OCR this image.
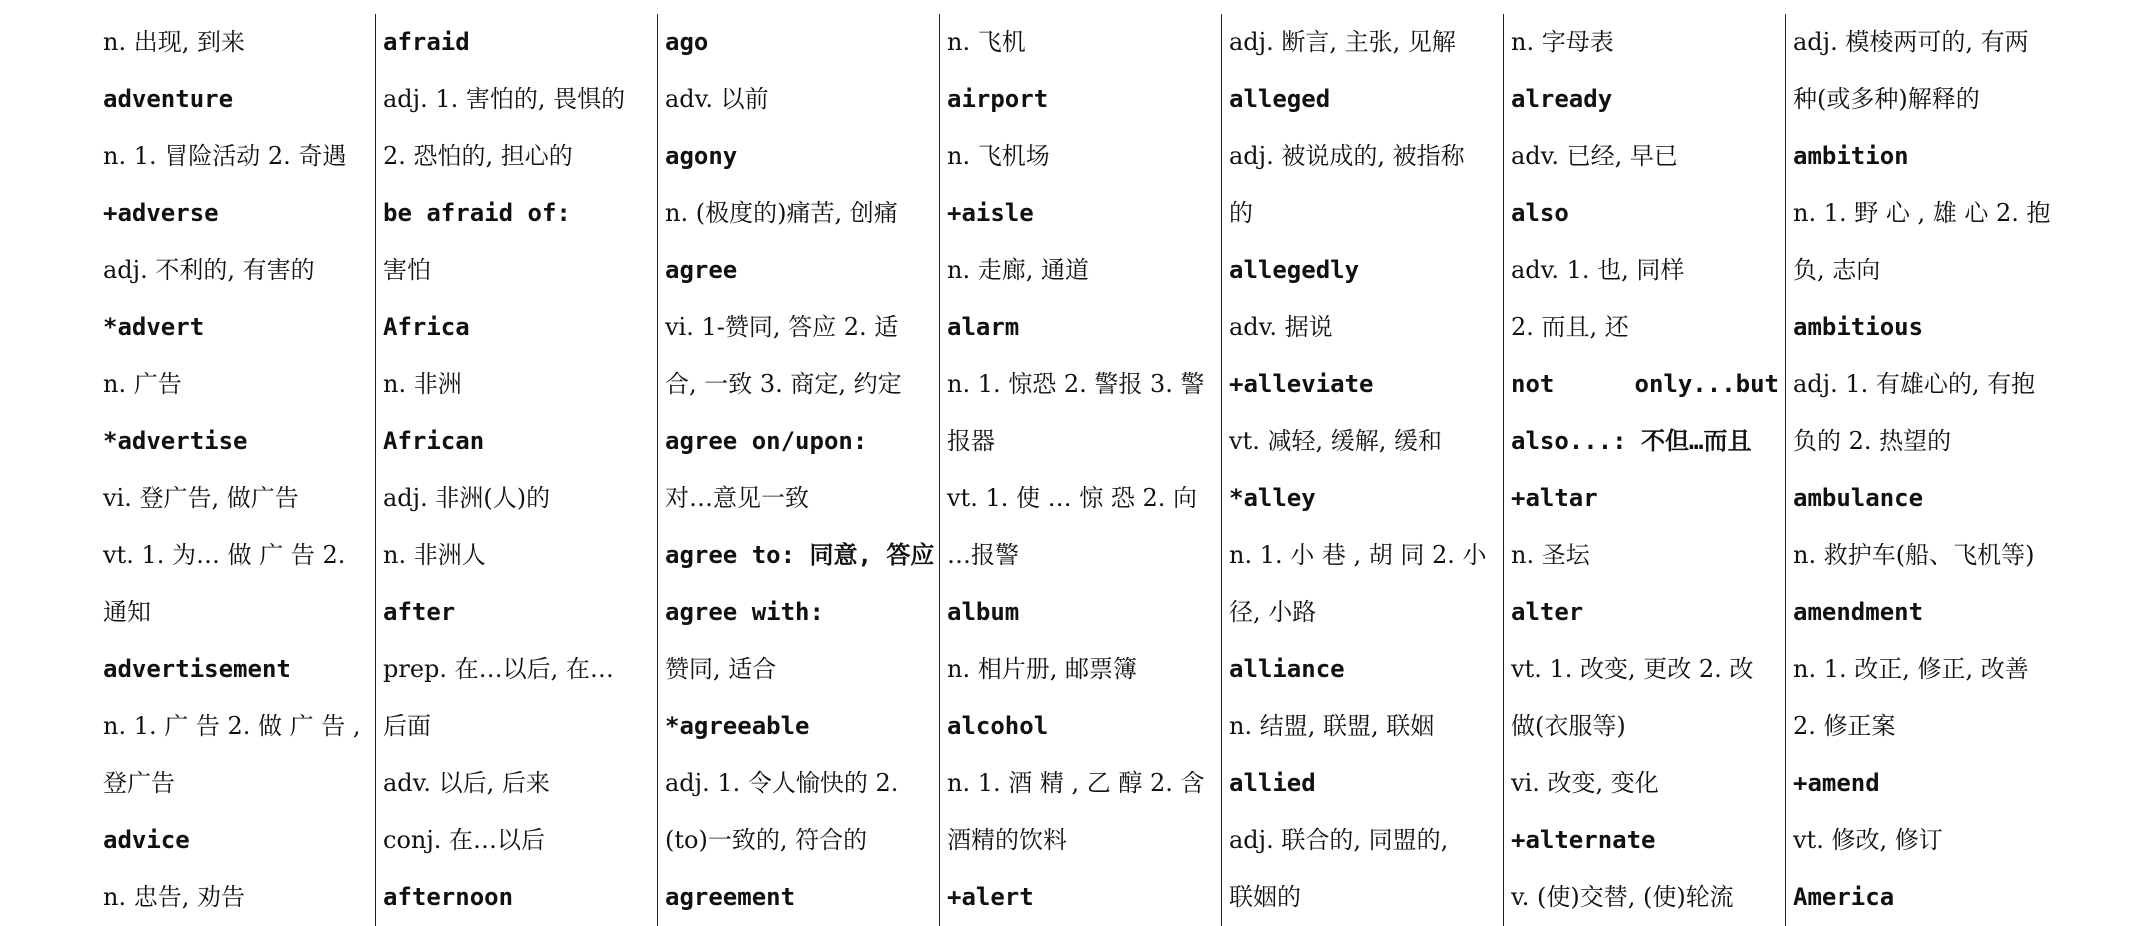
n. 出现, 到来
adventure
n. 1. 冒险活动 2. 奇遇
+adverse
adj. 不利的, 有害的
*advert
n. 广告
*advertise
vi. 登广告, 做广告
vt. 1. 为… 做 广 告 2.
通知
advertisement
n. 1. 广 告 2. 做 广 告 ,
登广告
advice
n. 忠告, 劝告
afraid
adj. 1. 害怕的, 畏惧的
2. 恐怕的, 担心的
be afraid of:
害怕
Africa
n. 非洲
African
adj. 非洲(人)的
n. 非洲人
after
prep. 在…以后, 在…
后面
adv. 以后, 后来
conj. 在…以后
afternoon
ago
adv. 以前
agony
n. (极度的)痛苦, 创痛
agree
vi. 1-赞同, 答应 2. 适
合, 一致 3. 商定, 约定
agree on/upon:
对…意见一致
agree to: 同意, 答应
agree with:
赞同, 适合
*agreeable
adj. 1. 令人愉快的 2.
(to)一致的, 符合的
agreement
n. 飞机
airport
n. 飞机场
+aisle
n. 走廊, 通道
alarm
n. 1. 惊恐 2. 警报 3. 警
报器
vt. 1. 使 … 惊 恐 2. 向
…报警
album
n. 相片册, 邮票簿
alcohol
n. 1. 酒 精 , 乙 醇 2. 含
酒精的饮料
+alert
adj. 断言, 主张, 见解
alleged
adj. 被说成的, 被指称
的
allegedly
adv. 据说
+alleviate
vt. 减轻, 缓解, 缓和
*alley
n. 1. 小 巷 , 胡 同 2. 小
径, 小路
alliance
n. 结盟, 联盟, 联姻
allied
adj. 联合的, 同盟的,
联姻的
n. 字母表
already
adv. 已经, 早已
also
adv. 1. 也, 同样
2. 而且, 还
not	only...but
also...: 不但…而且
+altar
n. 圣坛
alter
vt. 1. 改变, 更改 2. 改
做(衣服等)
vi. 改变, 变化
+alternate
v. (使)交替, (使)轮流
adj. 模棱两可的, 有两
种(或多种)解释的
ambition
n. 1. 野 心 , 雄 心 2. 抱
负, 志向
ambitious
adj. 1. 有雄心的, 有抱
负的 2. 热望的
ambulance
n. 救护车(船、飞机等)
amendment
n. 1. 改正, 修正, 改善
2. 修正案
+amend
vt. 修改, 修订
America
